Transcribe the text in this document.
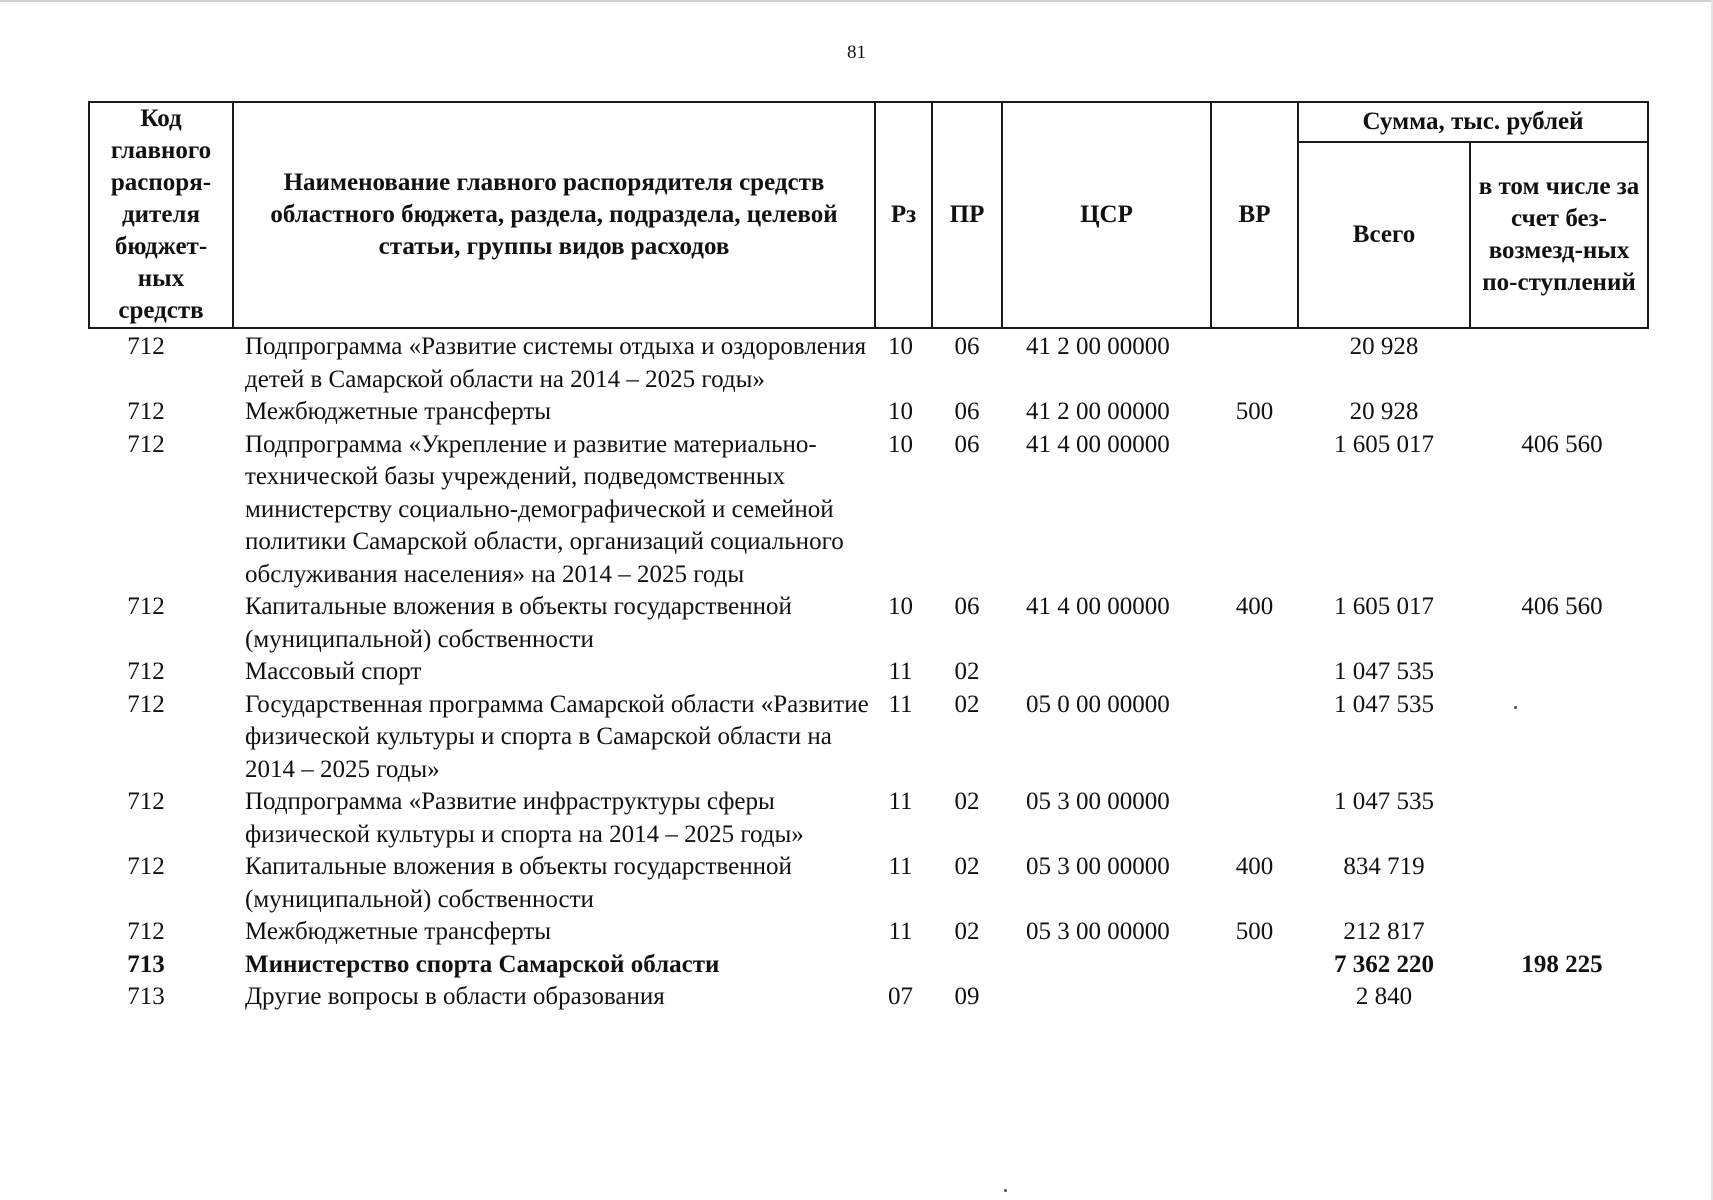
81
Код главного распоря-дителя бюджет-ных средств	Наименование главного распорядителя средств областного бюджета, раздела, подраздела, целевой статьи, группы видов расходов	Рз	ПР	ЦСР	ВР	Сумма, тыс. рублей	
						Всего	в том числе за счет без-возмезд-ных по-ступлений
712	Подпрограмма «Развитие системы отдыха и оздоровления детей в Самарской области на 2014 – 2025 годы»	10	06	41 2 00 00000		20 928	
712	Межбюджетные трансферты	10	06	41 2 00 00000	500	20 928	
712	Подпрограмма «Укрепление и развитие материально-технической базы учреждений, подведомственных министерству социально-демографической и семейной политики Самарской области, организаций социального обслуживания населения» на 2014 – 2025 годы	10	06	41 4 00 00000		1 605 017	406 560
712	Капитальные вложения в объекты государственной (муниципальной) собственности	10	06	41 4 00 00000	400	1 605 017	406 560
712	Массовый спорт	11	02			1 047 535	
712	Государственная программа Самарской области «Развитие физической культуры и спорта в Самарской области на 2014 – 2025 годы»	11	02	05 0 00 00000		1 047 535	
712	Подпрограмма «Развитие инфраструктуры сферы физической культуры и спорта на 2014 – 2025 годы»	11	02	05 3 00 00000		1 047 535	
712	Капитальные вложения в объекты государственной (муниципальной) собственности	11	02	05 3 00 00000	400	834 719	
712	Межбюджетные трансферты	11	02	05 3 00 00000	500	212 817	
713	Министерство спорта Самарской области					7 362 220	198 225
713	Другие вопросы в области образования	07	09			2 840	
